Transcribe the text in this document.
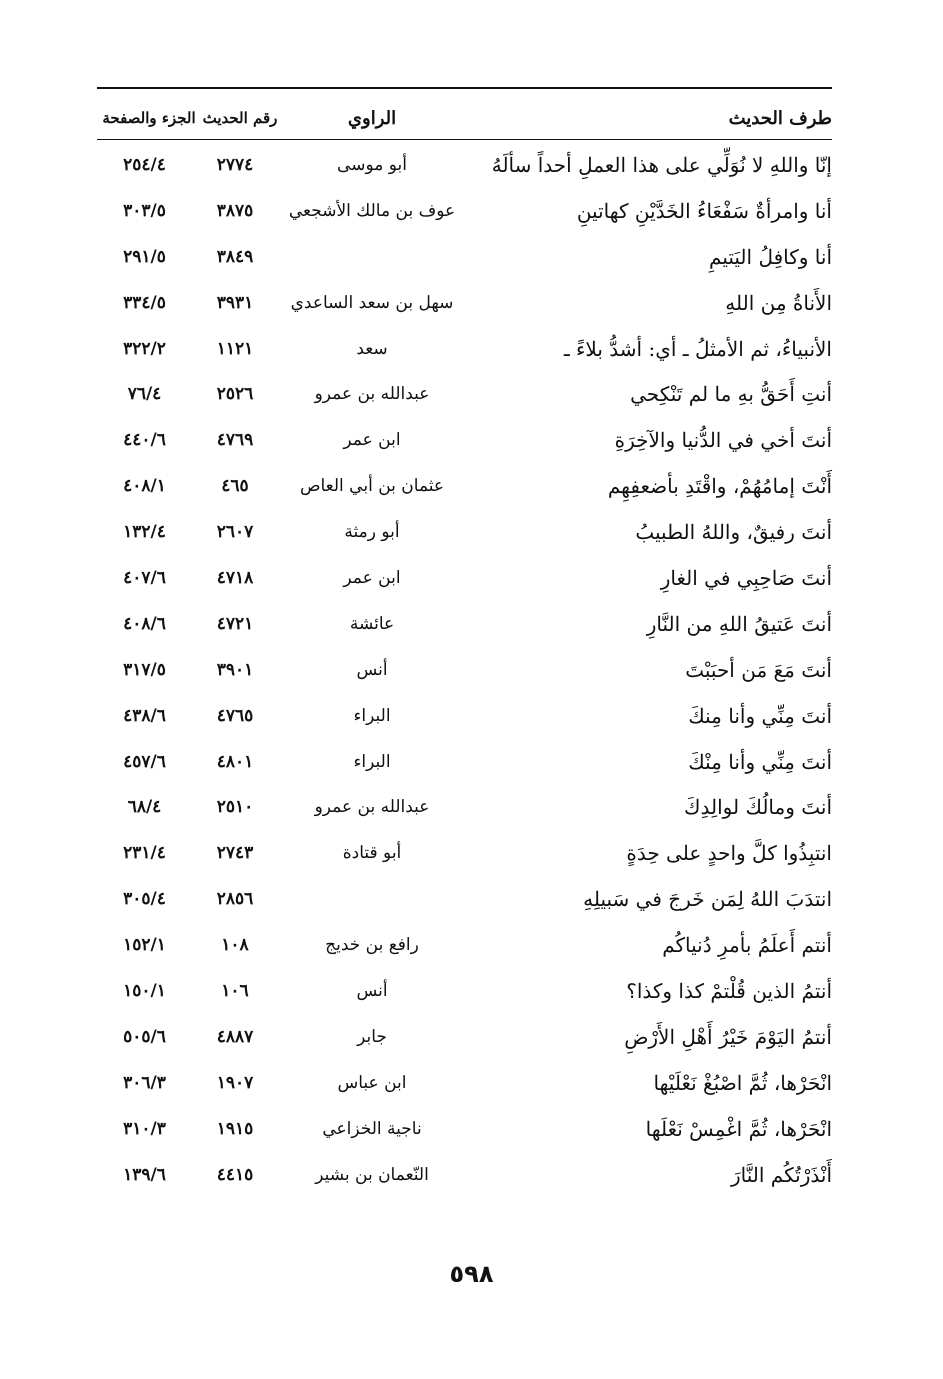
طرف الحديث
الراوي
رقم الحديث
الجزء والصفحة
إنّا واللهِ لا نُوَلِّي على هذا العملِ أحداً سألَهُ
أبو موسى
٢٧٧٤
٢٥٤/٤
أنا وامرأةٌ سَفْعَاءُ الخَدَّيْنِ كهاتينِ
عوف بن مالك الأشجعي
٣٨٧٥
٣٠٣/٥
أنا وكافِلُ اليَتيمِ
٣٨٤٩
٢٩١/٥
الأَناةُ مِن اللهِ
سهل بن سعد الساعدي
٣٩٣١
٣٣٤/٥
الأنبياءُ، ثم الأمثلُ ـ أي: أشدُّ بلاءً ـ
سعد
١١٢١
٣٢٢/٢
أنتِ أَحَقُّ بهِ ما لم تَنْكِحي
عبدالله بن عمرو
٢٥٢٦
٧٦/٤
أنتَ أخي في الدُّنيا والآخِرَةِ
ابن عمر
٤٧٦٩
٤٤٠/٦
أَنْتَ إمامُهُمْ، واقْتَدِ بأضعفِهِم
عثمان بن أبي العاص
٤٦٥
٤٠٨/١
أنتَ رفيقٌ، واللهُ الطبيبُ
أبو رمثة
٢٦٠٧
١٣٢/٤
أنتَ صَاحِبِي في الغارِ
ابن عمر
٤٧١٨
٤٠٧/٦
أنتَ عَتيقُ اللهِ من النَّارِ
عائشة
٤٧٢١
٤٠٨/٦
أنتَ مَعَ مَن أحبَبْتَ
أنس
٣٩٠١
٣١٧/٥
أنتَ مِنِّي وأنا مِنكَ
البراء
٤٧٦٥
٤٣٨/٦
أنتَ مِنِّي وأنا مِنْكَ
البراء
٤٨٠١
٤٥٧/٦
أنتَ ومالُكَ لوالِدِكَ
عبدالله بن عمرو
٢٥١٠
٦٨/٤
انتبِذُوا كلَّ واحدٍ على حِدَةٍ
أبو قتادة
٢٧٤٣
٢٣١/٤
انتدَبَ اللهُ لِمَن خَرجَ في سَبيلِهِ
٢٨٥٦
٣٠٥/٤
أنتم أَعلَمُ بأمرِ دُنياكُم
رافع بن خديج
١٠٨
١٥٢/١
أنتمُ الذين قُلْتمْ كذا وكذا؟
أنس
١٠٦
١٥٠/١
أنتمُ اليَوْمَ خَيْرُ أَهْلِ الأَرْضِ
جابر
٤٨٨٧
٥٠٥/٦
انْحَرْها، ثُمَّ اصْبُغْ نَعْلَيْها
ابن عباس
١٩٠٧
٣٠٦/٣
انْحَرْها، ثُمَّ اغْمِسْ نَعْلَها
ناجية الخزاعي
١٩١٥
٣١٠/٣
أَنْذَرْتُكُم النَّارَ
النّعمان بن بشير
٤٤١٥
١٣٩/٦
٥٩٨
